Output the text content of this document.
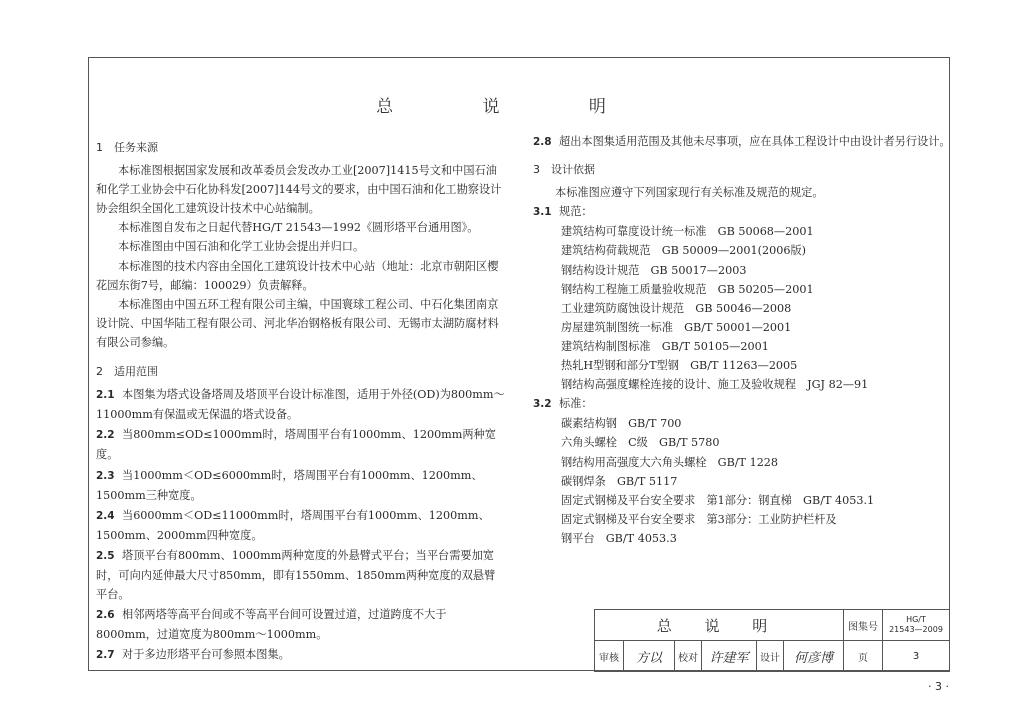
总 说 明

1　任务来源

本标准图根据国家发展和改革委员会发改办工业[2007]1415号文和中国石油和化学工业协会中石化协科发[2007]144号文的要求，由中国石油和化工勘察设计协会组织全国化工建筑设计技术中心站编制。

本标准图自发布之日起代替HG/T 21543—1992《圆形塔平台通用图》。

本标准图由中国石油和化学工业协会提出并归口。

本标准图的技术内容由全国化工建筑设计技术中心站（地址：北京市朝阳区樱花园东街7号，邮编：100029）负责解释。

本标准图由中国五环工程有限公司主编，中国寰球工程公司、中石化集团南京设计院、中国华陆工程有限公司、河北华冶钢格板有限公司、无锡市太湖防腐材料有限公司参编。

2　适用范围

2.1 本图集为塔式设备塔周及塔顶平台设计标准图，适用于外径(OD)为800mm～11000mm有保温或无保温的塔式设备。

2.2 当800mm≤OD≤1000mm时，塔周围平台有1000mm、1200mm两种宽度。

2.3 当1000mm＜OD≤6000mm时，塔周围平台有1000mm、1200mm、1500mm三种宽度。

2.4 当6000mm＜OD≤11000mm时，塔周围平台有1000mm、1200mm、1500mm、2000mm四种宽度。

2.5 塔顶平台有800mm、1000mm两种宽度的外悬臂式平台；当平台需要加宽时，可向内延伸最大尺寸850mm，即有1550mm、1850mm两种宽度的双悬臂平台。

2.6 相邻两塔等高平台间或不等高平台间可设置过道，过道跨度不大于8000mm，过道宽度为800mm～1000mm。

2.7 对于多边形塔平台可参照本图集。

2.8 超出本图集适用范围及其他未尽事项，应在具体工程设计中由设计者另行设计。

3　设计依据

本标准图应遵守下列国家现行有关标准及规范的规定。

3.1 规范：

建筑结构可靠度设计统一标准　GB 50068—2001

建筑结构荷载规范　GB 50009—2001(2006版)

钢结构设计规范　GB 50017—2003

钢结构工程施工质量验收规范　GB 50205—2001

工业建筑防腐蚀设计规范　GB 50046—2008

房屋建筑制图统一标准　GB/T 50001—2001

建筑结构制图标准　GB/T 50105—2001

热轧H型钢和部分T型钢　GB/T 11263—2005

钢结构高强度螺栓连接的设计、施工及验收规程　JGJ 82—91

3.2 标准：

碳素结构钢　GB/T 700

六角头螺栓　C级　GB/T 5780

钢结构用高强度大六角头螺栓　GB/T 1228

碳钢焊条　GB/T 5117

固定式钢梯及平台安全要求　第1部分：钢直梯　GB/T 4053.1

固定式钢梯及平台安全要求　第3部分：工业防护栏杆及

钢平台　GB/T 4053.3

总 说 明						图集号	HG/T
21543—2009

审核	方以	校对	许建军	设计	何彦博	页	3
· 3 ·
